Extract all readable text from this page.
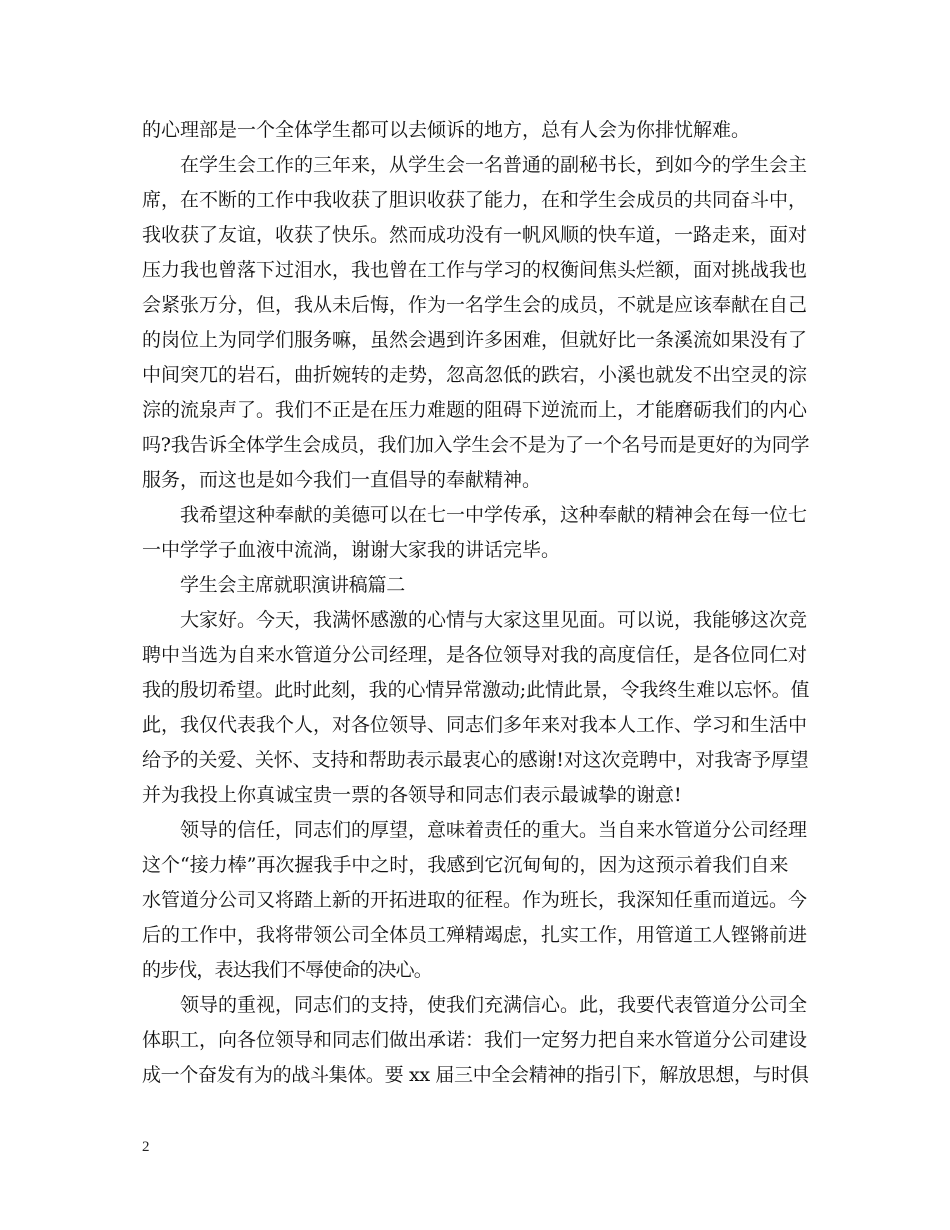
的心理部是一个全体学生都可以去倾诉的地方，总有人会为你排忧解难。
在学生会工作的三年来，从学生会一名普通的副秘书长，到如今的学生会主
席，在不断的工作中我收获了胆识收获了能力，在和学生会成员的共同奋斗中，
我收获了友谊，收获了快乐。然而成功没有一帆风顺的快车道，一路走来，面对
压力我也曾落下过泪水，我也曾在工作与学习的权衡间焦头烂额，面对挑战我也
会紧张万分，但，我从未后悔，作为一名学生会的成员，不就是应该奉献在自己
的岗位上为同学们服务嘛，虽然会遇到许多困难，但就好比一条溪流如果没有了
中间突兀的岩石，曲折婉转的走势，忽高忽低的跌宕，小溪也就发不出空灵的淙
淙的流泉声了。我们不正是在压力难题的阻碍下逆流而上，才能磨砺我们的内心
吗?我告诉全体学生会成员，我们加入学生会不是为了一个名号而是更好的为同学
服务，而这也是如今我们一直倡导的奉献精神。
我希望这种奉献的美德可以在七一中学传承，这种奉献的精神会在每一位七
一中学学子血液中流淌，谢谢大家我的讲话完毕。
学生会主席就职演讲稿篇二
大家好。今天，我满怀感激的心情与大家这里见面。可以说，我能够这次竞
聘中当选为自来水管道分公司经理，是各位领导对我的高度信任，是各位同仁对
我的殷切希望。此时此刻，我的心情异常激动;此情此景，令我终生难以忘怀。值
此，我仅代表我个人，对各位领导、同志们多年来对我本人工作、学习和生活中
给予的关爱、关怀、支持和帮助表示最衷心的感谢!对这次竞聘中，对我寄予厚望
并为我投上你真诚宝贵一票的各领导和同志们表示最诚挚的谢意!
领导的信任，同志们的厚望，意味着责任的重大。当自来水管道分公司经理
这个“接力棒”再次握我手中之时，我感到它沉甸甸的，因为这预示着我们自来
水管道分公司又将踏上新的开拓进取的征程。作为班长，我深知任重而道远。今
后的工作中，我将带领公司全体员工殚精竭虑，扎实工作，用管道工人铿锵前进
的步伐，表达我们不辱使命的决心。
领导的重视，同志们的支持，使我们充满信心。此，我要代表管道分公司全
体职工，向各位领导和同志们做出承诺：我们一定努力把自来水管道分公司建设
成一个奋发有为的战斗集体。要 xx 届三中全会精神的指引下，解放思想，与时俱
2
